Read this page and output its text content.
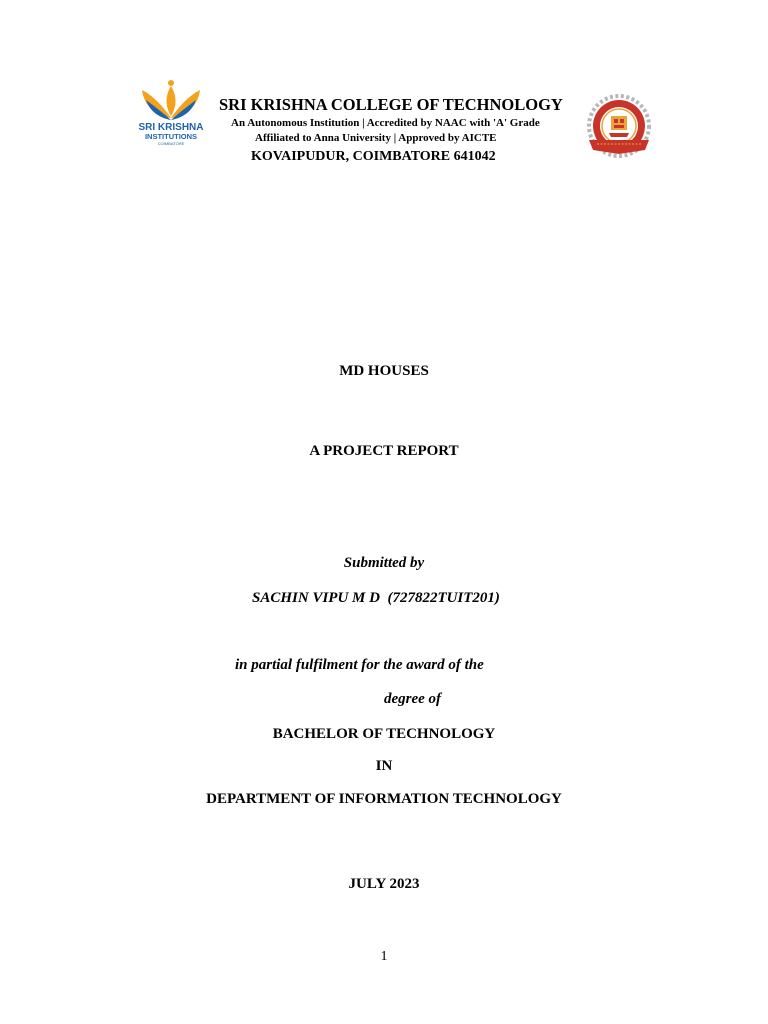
SRI KRISHNA
INSTITUTIONS
COIMBATORE
SRI KRISHNA COLLEGE OF TECHNOLOGY
An Autonomous Institution | Accredited by NAAC with 'A' Grade
Affiliated to Anna University | Approved by AICTE
KOVAIPUDUR, COIMBATORE 641042
MD HOUSES
A PROJECT REPORT
Submitted by
SACHIN VIPU M D  (727822TUIT201)
in partial fulfilment for the award of the
degree of
BACHELOR OF TECHNOLOGY
IN
DEPARTMENT OF INFORMATION TECHNOLOGY
JULY 2023
1
